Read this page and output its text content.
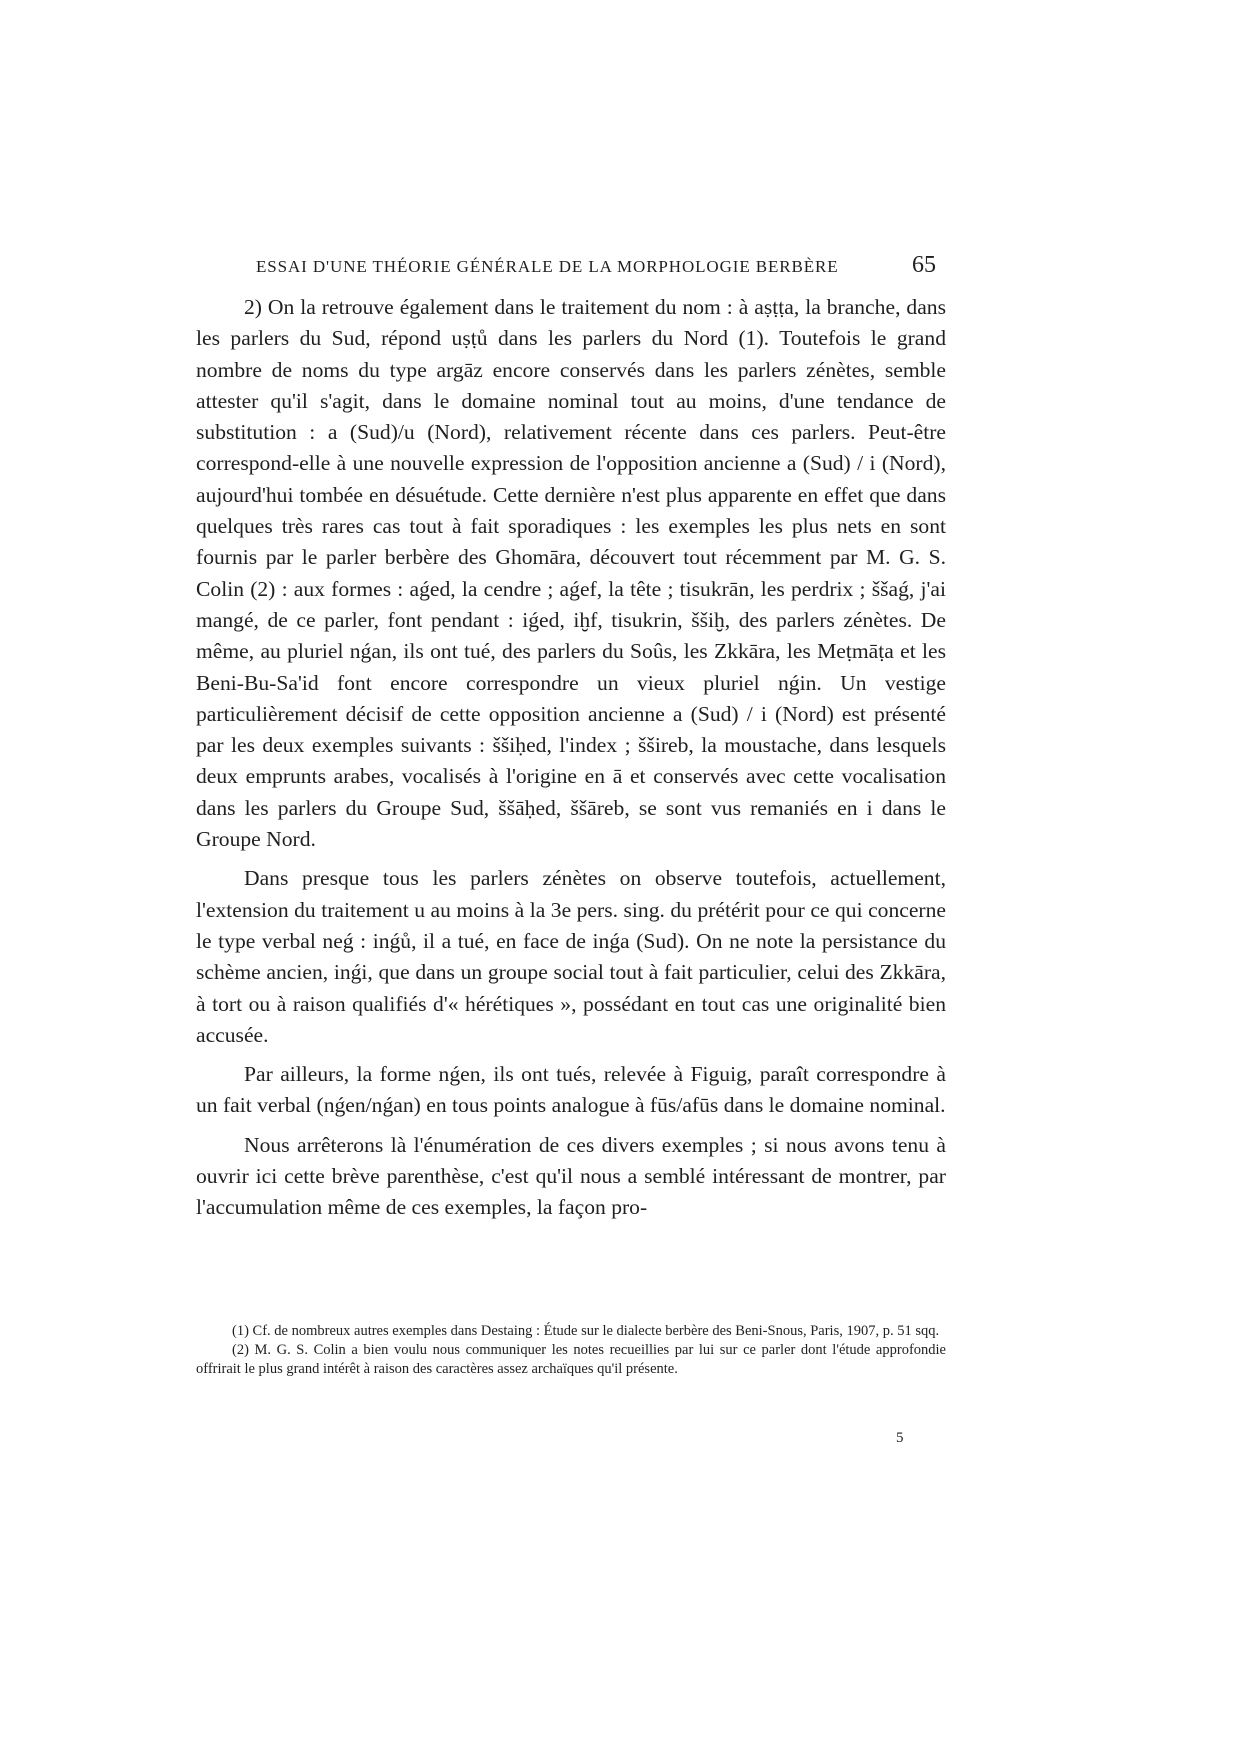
ESSAI D'UNE THÉORIE GÉNÉRALE DE LA MORPHOLOGIE BERBÈRE	65

2) On la retrouve également dans le traitement du nom : à aṣṭṭa, la branche, dans les parlers du Sud, répond uṣṭů dans les parlers du Nord (1). Toutefois le grand nombre de noms du type argāz encore conservés dans les parlers zénètes, semble attester qu'il s'agit, dans le domaine nominal tout au moins, d'une tendance de substitution : a (Sud)/u (Nord), relativement récente dans ces parlers. Peut-être correspond-elle à une nouvelle expression de l'opposition ancienne a (Sud) / i (Nord), aujourd'hui tombée en désuétude. Cette dernière n'est plus apparente en effet que dans quelques très rares cas tout à fait sporadiques : les exemples les plus nets en sont fournis par le parler berbère des Ghomāra, découvert tout récemment par M. G. S. Colin (2) : aux formes : aǵed, la cendre ; aǵef, la tête ; tisukrān, les perdrix ; ššaǵ, j'ai mangé, de ce parler, font pendant : iǵed, iḫf, tisukrin, ššiḫ, des parlers zénètes. De même, au pluriel nǵan, ils ont tué, des parlers du Soûs, les Zkkāra, les Meṭmāṭa et les Beni-Bu-Sa'id font encore correspondre un vieux pluriel nǵin. Un vestige particulièrement décisif de cette opposition ancienne a (Sud) / i (Nord) est présenté par les deux exemples suivants : ššiḥed, l'index ; ššireb, la moustache, dans lesquels deux emprunts arabes, vocalisés à l'origine en ā et conservés avec cette vocalisation dans les parlers du Groupe Sud, ššāḥed, ššāreb, se sont vus remaniés en i dans le Groupe Nord.

Dans presque tous les parlers zénètes on observe toutefois, actuellement, l'extension du traitement u au moins à la 3e pers. sing. du prétérit pour ce qui concerne le type verbal neǵ : inǵů, il a tué, en face de inǵa (Sud). On ne note la persistance du schème ancien, inǵi, que dans un groupe social tout à fait particulier, celui des Zkkāra, à tort ou à raison qualifiés d'« hérétiques », possédant en tout cas une originalité bien accusée.

Par ailleurs, la forme nǵen, ils ont tués, relevée à Figuig, paraît correspondre à un fait verbal (nǵen/nǵan) en tous points analogue à fūs/afūs dans le domaine nominal.

Nous arrêterons là l'énumération de ces divers exemples ; si nous avons tenu à ouvrir ici cette brève parenthèse, c'est qu'il nous a semblé intéressant de montrer, par l'accumulation même de ces exemples, la façon pro-

(1) Cf. de nombreux autres exemples dans Destaing : Étude sur le dialecte berbère des Beni-Snous, Paris, 1907, p. 51 sqq.

(2) M. G. S. Colin a bien voulu nous communiquer les notes recueillies par lui sur ce parler dont l'étude approfondie offrirait le plus grand intérêt à raison des caractères assez archaïques qu'il présente.

5
